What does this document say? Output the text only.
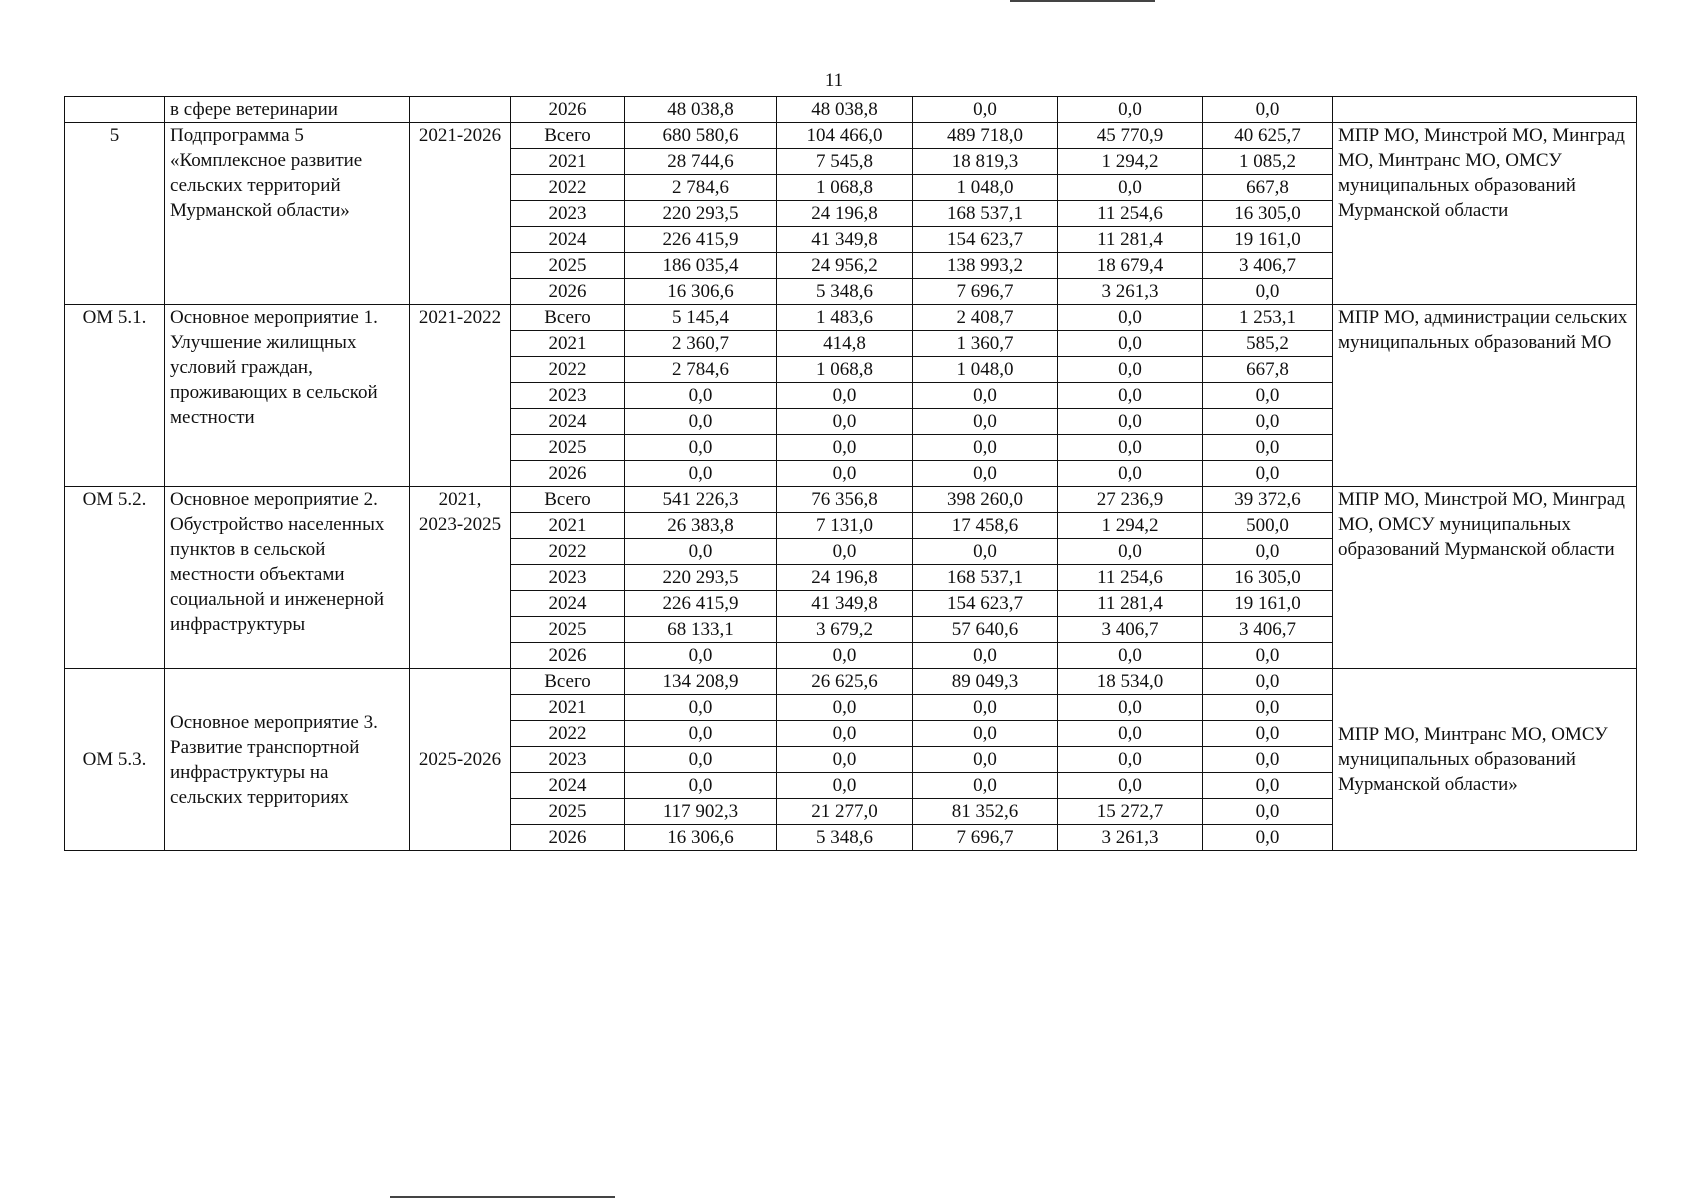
11
	в сфере ветеринарии		2026	48 038,8	48 038,8	0,0	0,0	0,0	
5	Подпрограмма 5 «Комплексное развитие сельских территорий Мурманской области»	2021-2026	Всего	680 580,6	104 466,0	489 718,0	45 770,9	40 625,7	МПР МО, Минстрой МО, Минград МО, Минтранс МО, ОМСУ муниципальных образований Мурманской области
			2021	28 744,6	7 545,8	18 819,3	1 294,2	1 085,2	
			2022	2 784,6	1 068,8	1 048,0	0,0	667,8	
			2023	220 293,5	24 196,8	168 537,1	11 254,6	16 305,0	
			2024	226 415,9	41 349,8	154 623,7	11 281,4	19 161,0	
			2025	186 035,4	24 956,2	138 993,2	18 679,4	3 406,7	
			2026	16 306,6	5 348,6	7 696,7	3 261,3	0,0	
ОМ 5.1.	Основное мероприятие 1. Улучшение жилищных условий граждан, проживающих в сельской местности	2021-2022	Всего	5 145,4	1 483,6	2 408,7	0,0	1 253,1	МПР МО, администрации сельских муниципальных образований МО
			2021	2 360,7	414,8	1 360,7	0,0	585,2	
			2022	2 784,6	1 068,8	1 048,0	0,0	667,8	
			2023	0,0	0,0	0,0	0,0	0,0	
			2024	0,0	0,0	0,0	0,0	0,0	
			2025	0,0	0,0	0,0	0,0	0,0	
			2026	0,0	0,0	0,0	0,0	0,0	
ОМ 5.2.	Основное мероприятие 2. Обустройство населенных пунктов в сельской местности объектами социальной и инженерной инфраструктуры	2021, 2023-2025	Всего	541 226,3	76 356,8	398 260,0	27 236,9	39 372,6	МПР МО, Минстрой МО, Минград МО, ОМСУ муниципальных образований Мурманской области
			2021	26 383,8	7 131,0	17 458,6	1 294,2	500,0	
			2022	0,0	0,0	0,0	0,0	0,0	
			2023	220 293,5	24 196,8	168 537,1	11 254,6	16 305,0	
			2024	226 415,9	41 349,8	154 623,7	11 281,4	19 161,0	
			2025	68 133,1	3 679,2	57 640,6	3 406,7	3 406,7	
			2026	0,0	0,0	0,0	0,0	0,0	
ОМ 5.3.	Основное мероприятие 3. Развитие транспортной инфраструктуры на сельских территориях	2025-2026	Всего	134 208,9	26 625,6	89 049,3	18 534,0	0,0	МПР МО, Минтранс МО, ОМСУ муниципальных образований Мурманской области»
			2021	0,0	0,0	0,0	0,0	0,0	
			2022	0,0	0,0	0,0	0,0	0,0	
			2023	0,0	0,0	0,0	0,0	0,0	
			2024	0,0	0,0	0,0	0,0	0,0	
			2025	117 902,3	21 277,0	81 352,6	15 272,7	0,0	
			2026	16 306,6	5 348,6	7 696,7	3 261,3	0,0	
